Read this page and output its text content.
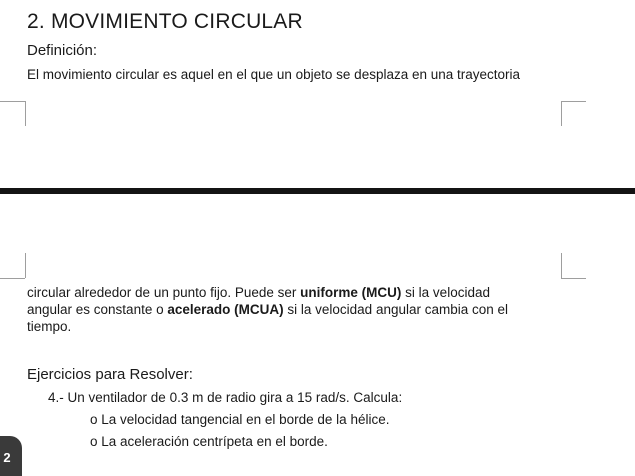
2. MOVIMIENTO CIRCULAR
Definición:
El movimiento circular es aquel en el que un objeto se desplaza en una trayectoria
circular alrededor de un punto fijo. Puede ser uniforme (MCU) si la velocidad
angular es constante o acelerado (MCUA) si la velocidad angular cambia con el
tiempo.
Ejercicios para Resolver:
4.- Un ventilador de 0.3 m de radio gira a 15 rad/s. Calcula:
o La velocidad tangencial en el borde de la hélice.
o La aceleración centrípeta en el borde.
2
